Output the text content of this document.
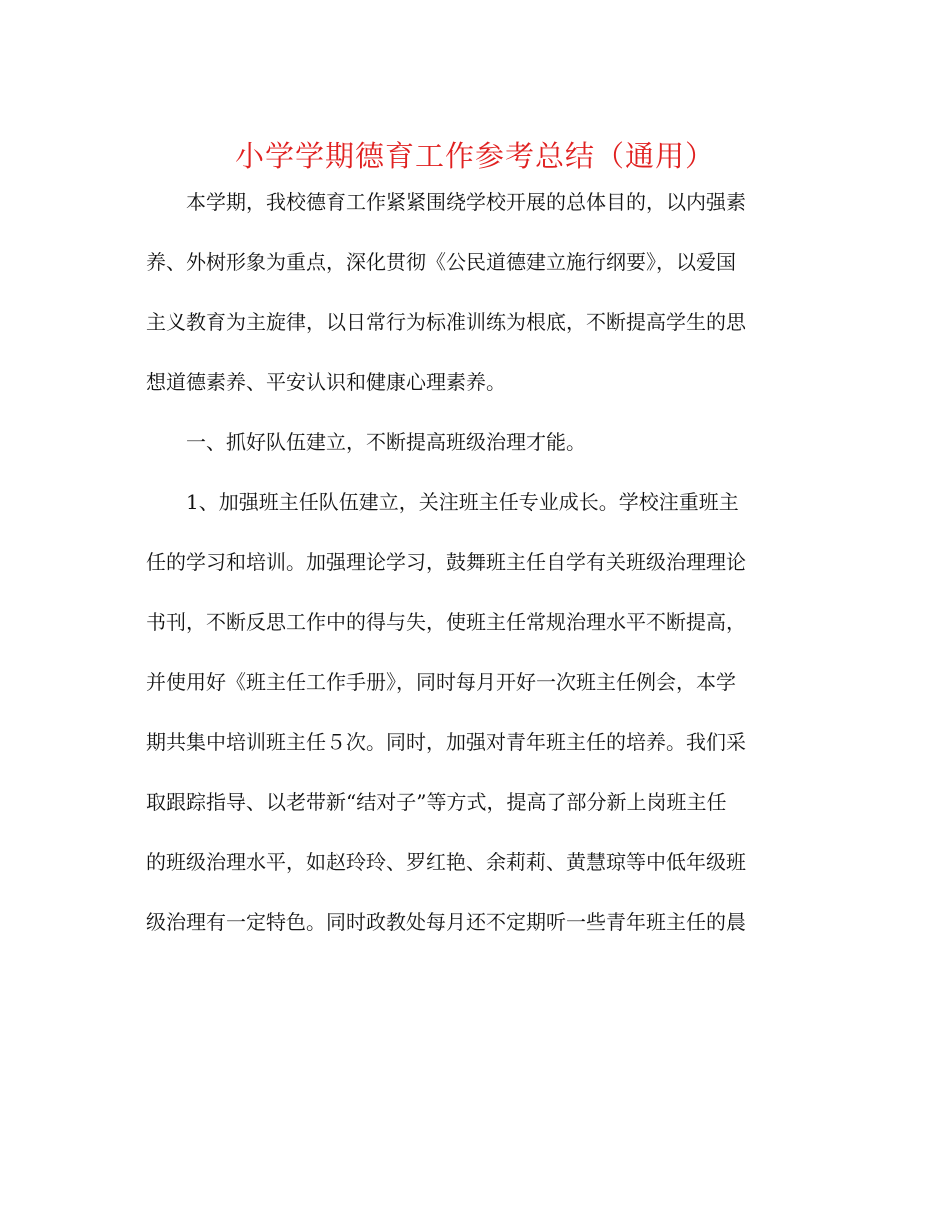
小学学期德育工作参考总结（通用）
本学期，我校德育工作紧紧围绕学校开展的总体目的，以内强素
养、外树形象为重点，深化贯彻《公民道德建立施行纲要》，以爱国
主义教育为主旋律，以日常行为标准训练为根底，不断提高学生的思
想道德素养、平安认识和健康心理素养。
一、抓好队伍建立，不断提高班级治理才能。
1、加强班主任队伍建立，关注班主任专业成长。学校注重班主
任的学习和培训。加强理论学习，鼓舞班主任自学有关班级治理理论
书刊，不断反思工作中的得与失，使班主任常规治理水平不断提高，
并使用好《班主任工作手册》，同时每月开好一次班主任例会，本学
期共集中培训班主任５次。同时，加强对青年班主任的培养。我们采
取跟踪指导、以老带新“结对子”等方式，提高了部分新上岗班主任
的班级治理水平，如赵玲玲、罗红艳、余莉莉、黄慧琼等中低年级班
级治理有一定特色。同时政教处每月还不定期听一些青年班主任的晨
